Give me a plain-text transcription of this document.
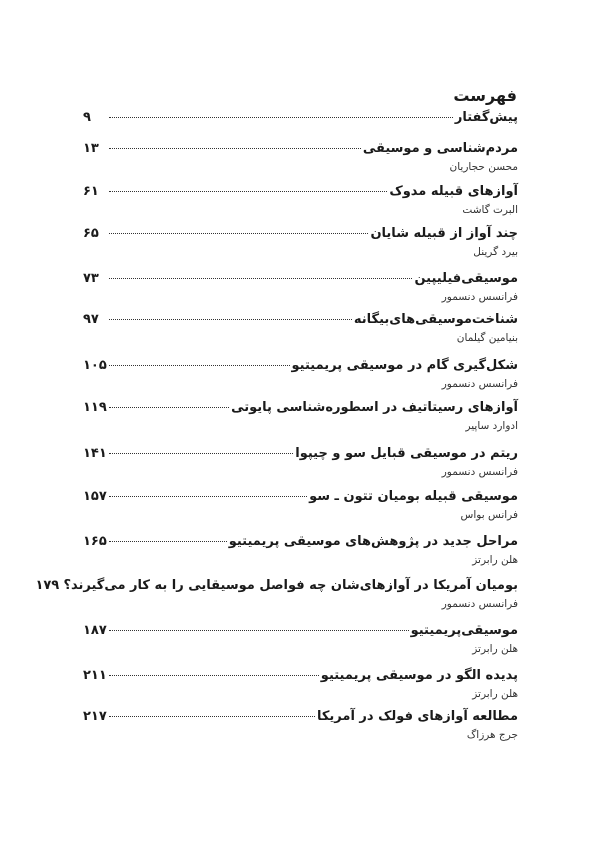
فهرست
پیش‌گفتار
۹
مردم‌شناسی و موسیقی
۱۳
محسن حجاریان
آوازهای قبیله مدوک
۶۱
البرت گاشت
چند آواز از قبیله شایان
۶۵
بیرد گرینل
موسیقی‌فیلیپین
۷۳
فرانسس دنسمور
شناخت‌موسیقی‌های‌بیگانه
۹۷
بنیامین گیلمان
شکل‌گیری گام در موسیقی پریمیتیو
۱۰۵
فرانسس دنسمور
آوازهای رسیتاتیف در اسطوره‌شناسی پایوتی
۱۱۹
ادوارد ساپیر
ریتم در موسیقی قبایل سو و چیپوا
۱۴۱
فرانسس دنسمور
موسیقی قبیله بومیان تتون ـ سو
۱۵۷
فرانس بواس
مراحل جدید در پژوهش‌های موسیقی پریمیتیو
۱۶۵
هلن رابرتز
بومیان آمریکا در آوازهای‌شان چه فواصل موسیقایی را به کار می‌گیرند؟
۱۷۹
فرانسس دنسمور
موسیقی‌پریمیتیو
۱۸۷
هلن رابرتز
پدیده الگو در موسیقی پریمیتیو
۲۱۱
هلن رابرتز
مطالعه آوازهای فولک در آمریکا
۲۱۷
جرج هرزاگ
